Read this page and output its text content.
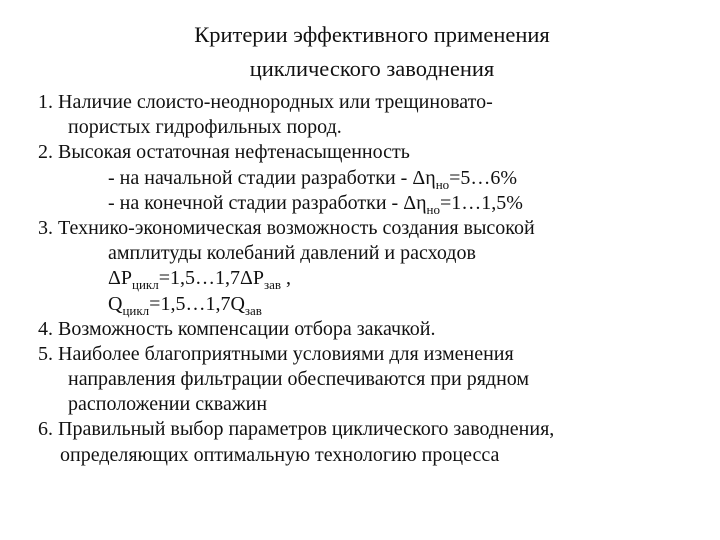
Критерии эффективного применения
циклического заводнения
1. Наличие слоисто-неоднородных или трещиновато-
пористых гидрофильных пород.
2. Высокая остаточная нефтенасыщенность
- на начальной стадии разработки - $\Delta\eta_{но}=5\dots 6\%$
- на конечной стадии разработки - $\Delta\eta_{но}=1\dots 1,5\%$
3. Технико-экономическая возможность создания высокой
амплитуды колебаний давлений и расходов
$\Delta P_{цикл}=1,5\dots 1,7\Delta P_{зав}$ ,
$Q_{цикл}=1,5\dots 1,7Q_{зав}$
4. Возможность компенсации отбора закачкой.
5. Наиболее благоприятными условиями для изменения
направления фильтрации обеспечиваются при рядном
расположении скважин
6. Правильный выбор параметров циклического заводнения,
определяющих оптимальную технологию процесса
